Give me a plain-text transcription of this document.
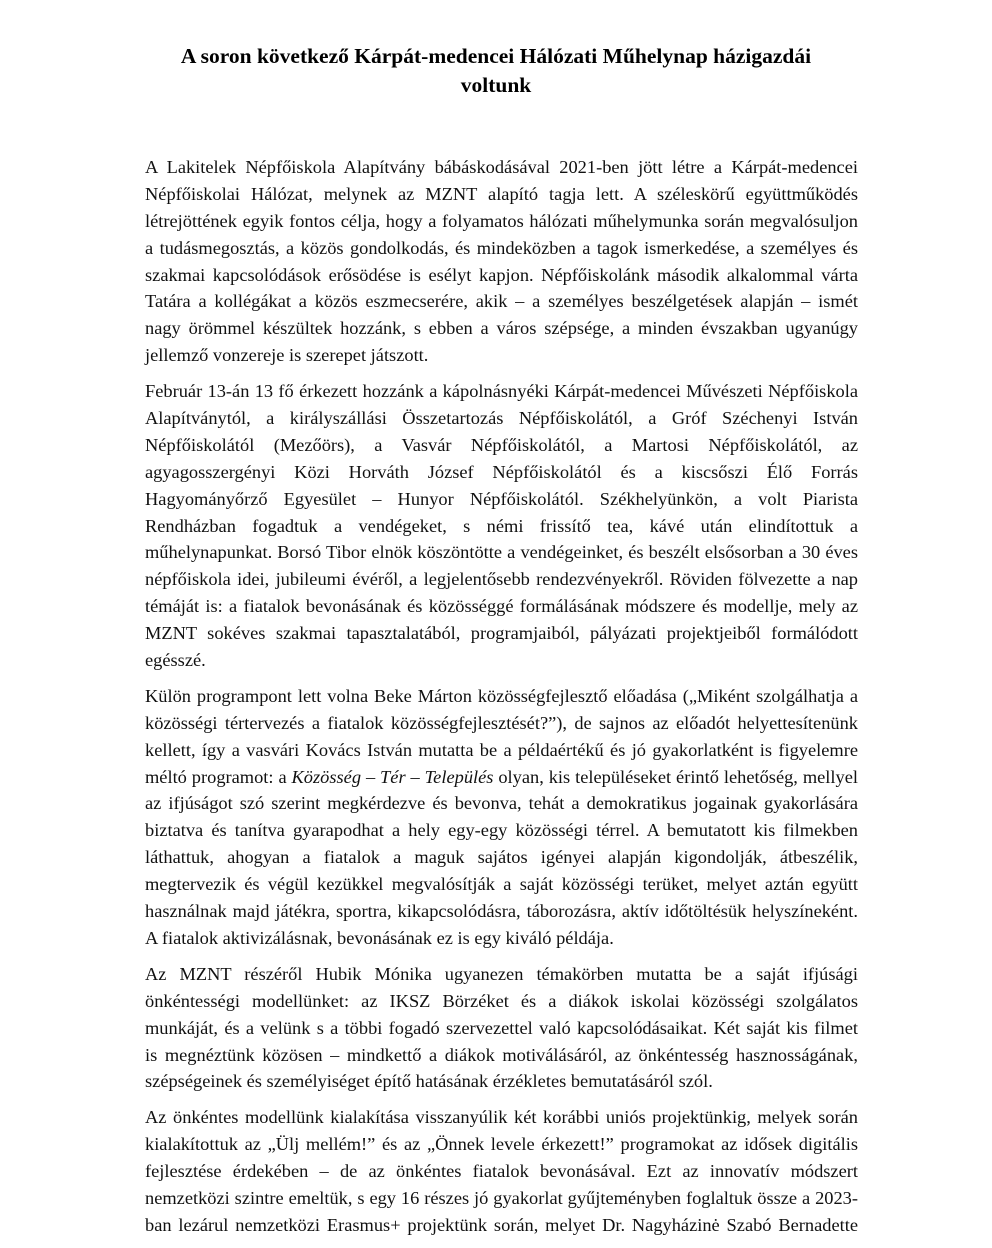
A soron következő Kárpát-medencei Hálózati Műhelynap házigazdái
voltunk

A Lakitelek Népfőiskola Alapítvány bábáskodásával 2021-ben jött létre a Kárpát-medencei
Népfőiskolai Hálózat, melynek az MZNT alapító tagja lett. A széleskörű együttműködés
létrejöttének egyik fontos célja, hogy a folyamatos hálózati műhelymunka során megvalósuljon
a tudásmegosztás, a közös gondolkodás, és mindeközben a tagok ismerkedése, a személyes és
szakmai kapcsolódások erősödése is esélyt kapjon. Népfőiskolánk második alkalommal várta
Tatára a kollégákat a közös eszmecserére, akik – a személyes beszélgetések alapján – ismét
nagy örömmel készültek hozzánk, s ebben a város szépsége, a minden évszakban ugyanúgy
jellemző vonzereje is szerepet játszott.

Február 13-án 13 fő érkezett hozzánk a kápolnásnyéki Kárpát-medencei Művészeti Népfőiskola
Alapítványtól, a királyszállási Összetartozás Népfőiskolától, a Gróf Széchenyi István
Népfőiskolától (Mezőörs), a Vasvár Népfőiskolától, a Martosi Népfőiskolától, az
agyagosszergényi Közi Horváth József Népfőiskolától és a kiscsőszi Élő Forrás
Hagyományőrző Egyesület – Hunyor Népfőiskolától. Székhelyünkön, a volt Piarista
Rendházban fogadtuk a vendégeket, s némi frissítő tea, kávé után elindítottuk a
műhelynapunkat. Borsó Tibor elnök köszöntötte a vendégeinket, és beszélt elsősorban a 30 éves
népfőiskola idei, jubileumi évéről, a legjelentősebb rendezvényekről. Röviden fölvezette a nap
témáját is: a fiatalok bevonásának és közösséggé formálásának módszere és modellje, mely az
MZNT sokéves szakmai tapasztalatából, programjaiból, pályázati projektjeiből formálódott
egésszé.

Külön programpont lett volna Beke Márton közösségfejlesztő előadása („Miként szolgálhatja a
közösségi tértervezés a fiatalok közösségfejlesztését?”), de sajnos az előadót helyettesítenünk
kellett, így a vasvári Kovács István mutatta be a példaértékű és jó gyakorlatként is figyelemre
méltó programot: a Közösség – Tér – Település olyan, kis településeket érintő lehetőség, mellyel
az ifjúságot szó szerint megkérdezve és bevonva, tehát a demokratikus jogainak gyakorlására
biztatva és tanítva gyarapodhat a hely egy-egy közösségi térrel. A bemutatott kis filmekben
láthattuk, ahogyan a fiatalok a maguk sajátos igényei alapján kigondolják, átbeszélik,
megtervezik és végül kezükkel megvalósítják a saját közösségi terüket, melyet aztán együtt
használnak majd játékra, sportra, kikapcsolódásra, táborozásra, aktív időtöltésük helyszíneként.
A fiatalok aktivizálásnak, bevonásának ez is egy kiváló példája.

Az MZNT részéről Hubik Mónika ugyanezen témakörben mutatta be a saját ifjúsági
önkéntességi modellünket: az IKSZ Börzéket és a diákok iskolai közösségi szolgálatos
munkáját, és a velünk s a többi fogadó szervezettel való kapcsolódásaikat. Két saját kis filmet
is megnéztünk közösen – mindkettő a diákok motiválásáról, az önkéntesség hasznosságának,
szépségeinek és személyiséget építő hatásának érzékletes bemutatásáról szól.

Az önkéntes modellünk kialakítása visszanyúlik két korábbi uniós projektünkig, melyek során
kialakítottuk az „Ülj mellém!” és az „Önnek levele érkezett!” programokat az idősek digitális
fejlesztése érdekében – de az önkéntes fiatalok bevonásával. Ezt az innovatív módszert
nemzetközi szintre emeltük, s egy 16 részes jó gyakorlat gyűjteményben foglaltuk össze a 2023-
ban lezárul nemzetközi Erasmus+ projektünk során, melyet Dr. Nagyházinė Szabó Bernadette
